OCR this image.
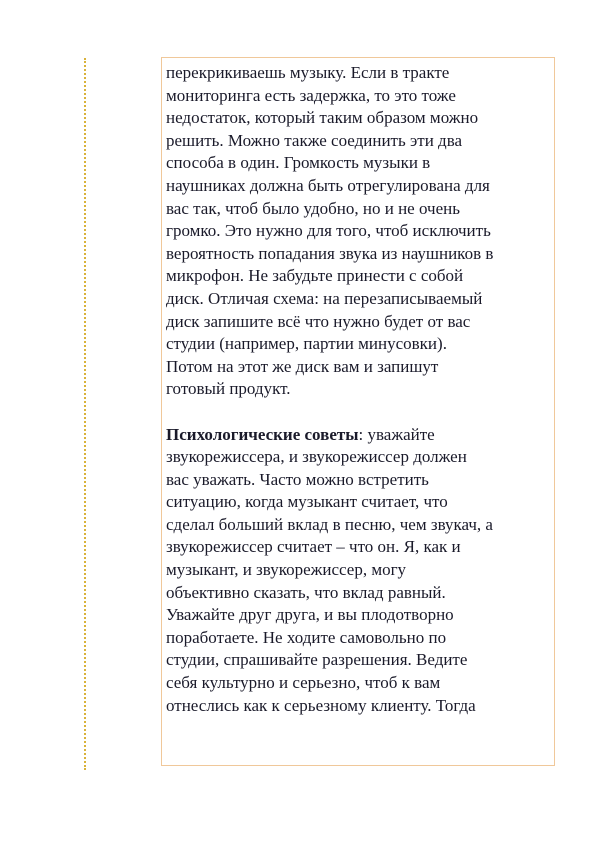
перекрикиваешь музыку. Если в тракте

мониторинга есть задержка, то это тоже

недостаток, который таким образом можно

решить. Можно также соединить эти два

способа в один. Громкость музыки в

наушниках должна быть отрегулирована для

вас так, чтоб было удобно, но и не очень

громко. Это нужно для того, чтоб исключить

вероятность попадания звука из наушников в

микрофон. Не забудьте принести с собой

диск. Отличая схема: на перезаписываемый

диск запишите всё что нужно будет от вас

студии (например, партии минусовки).

Потом на этот же диск вам и запишут

готовый продукт.

Психологические советы: уважайте

звукорежиссера, и звукорежиссер должен

вас уважать. Часто можно встретить

ситуацию, когда музыкант считает, что

сделал больший вклад в песню, чем звукач, а

звукорежиссер считает – что он. Я, как и

музыкант, и звукорежиссер, могу

объективно сказать, что вклад равный.

Уважайте друг друга, и вы плодотворно

поработаете. Не ходите самовольно по

студии, спрашивайте разрешения. Ведите

себя культурно и серьезно, чтоб к вам

отнеслись как к серьезному клиенту. Тогда
